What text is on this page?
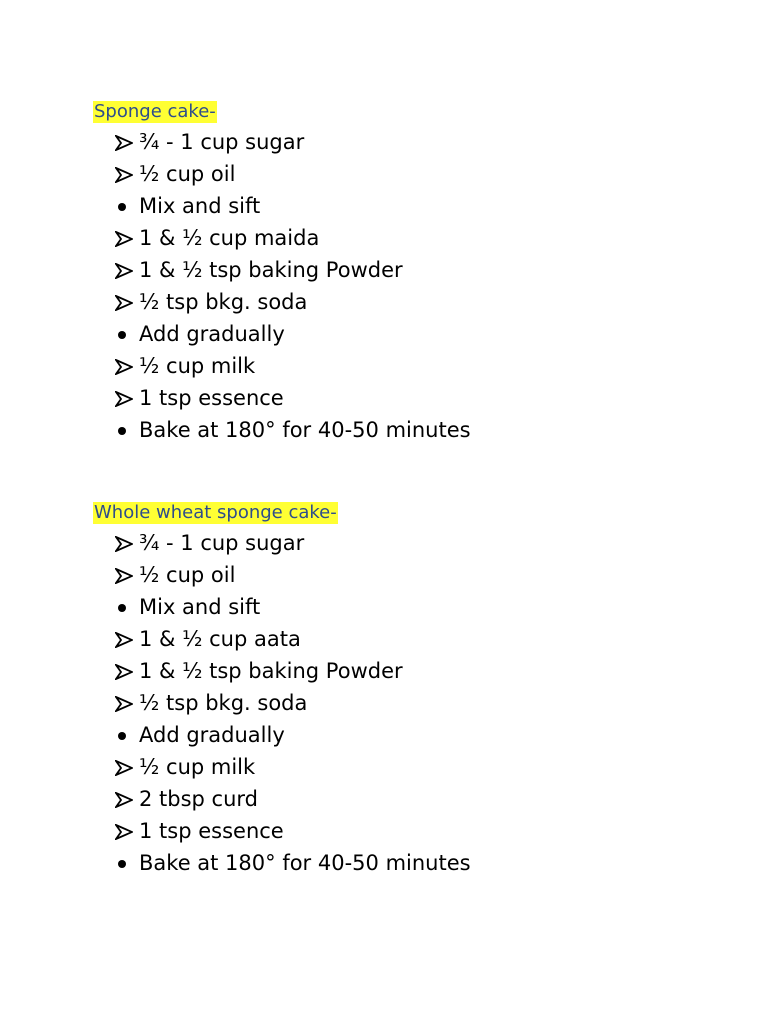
Sponge cake-
¾ - 1 cup sugar
½ cup oil
Mix and sift
1 & ½ cup maida
1 & ½ tsp baking Powder
½ tsp bkg. soda
Add gradually
½ cup milk
1 tsp essence
Bake at 180° for 40-50 minutes
Whole wheat sponge cake-
¾ - 1 cup sugar
½ cup oil
Mix and sift
1 & ½ cup aata
1 & ½ tsp baking Powder
½ tsp bkg. soda
Add gradually
½ cup milk
2 tbsp curd
1 tsp essence
Bake at 180° for 40-50 minutes
